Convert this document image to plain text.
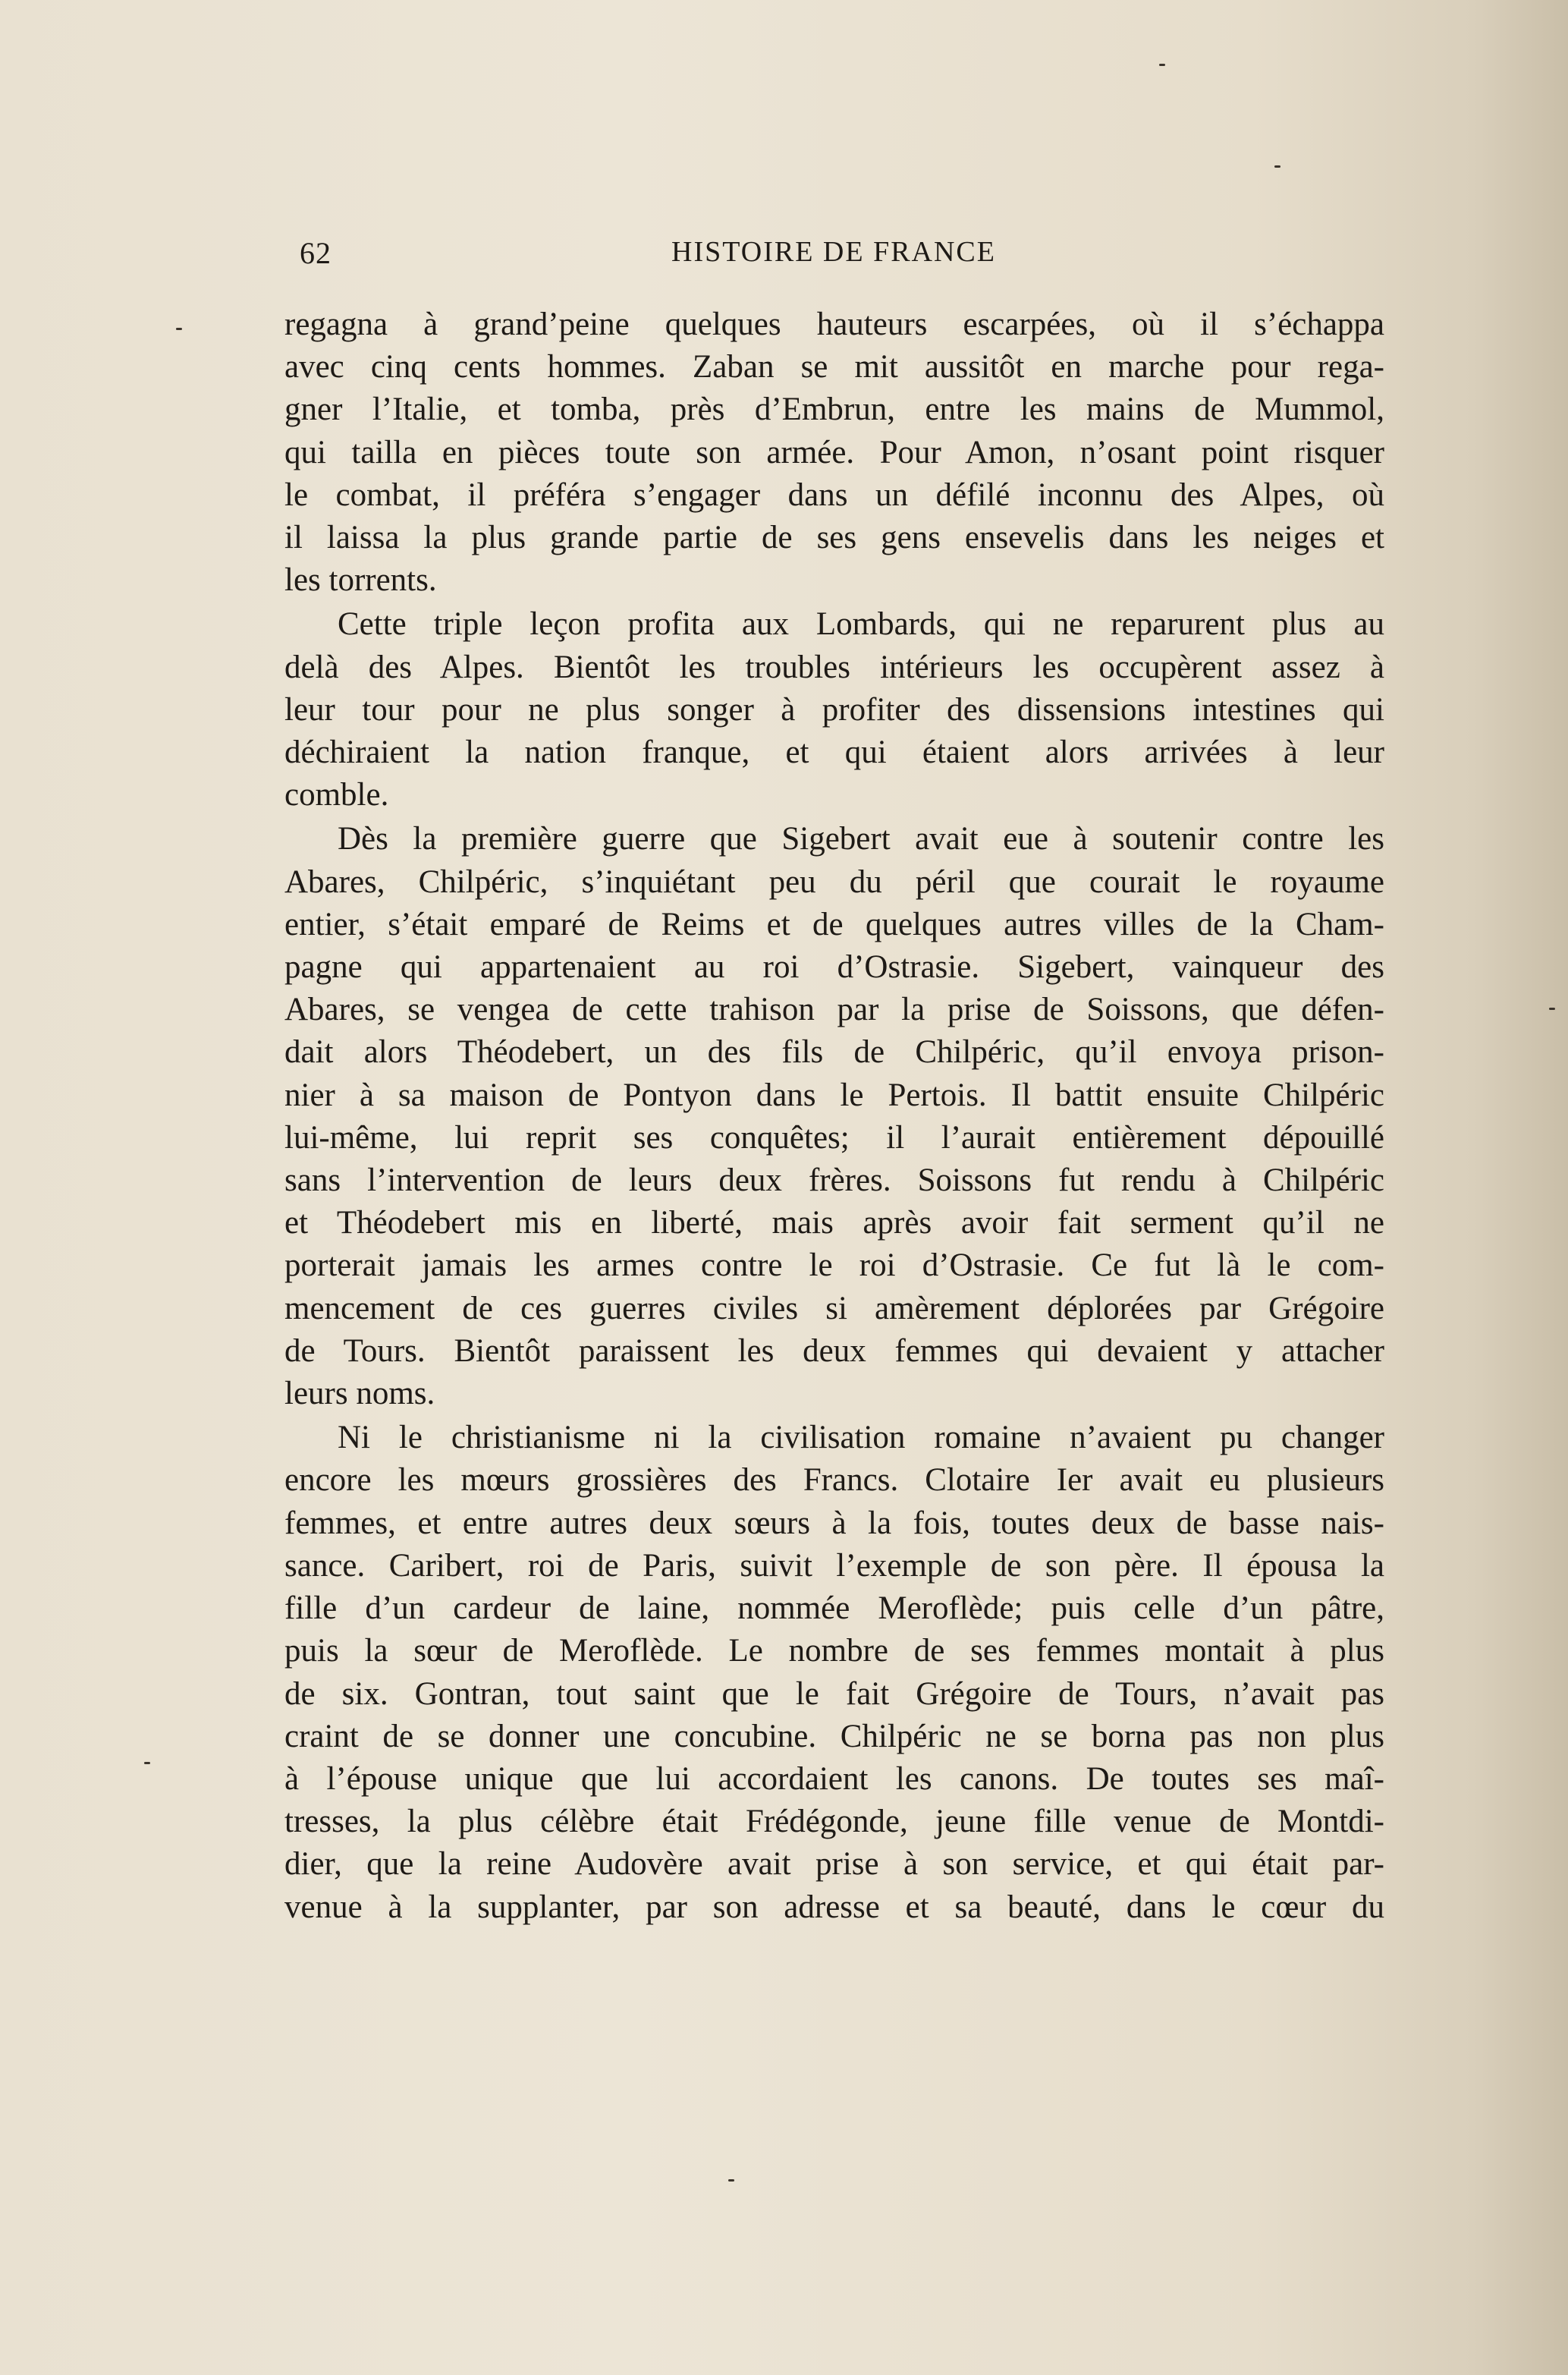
62	HISTOIRE DE FRANCE
regagna à grand’peine quelques hauteurs escarpées, où il s’échappa
avec cinq cents hommes. Zaban se mit aussitôt en marche pour rega-
gner l’Italie, et tomba, près d’Embrun, entre les mains de Mummol,
qui tailla en pièces toute son armée. Pour Amon, n’osant point risquer
le combat, il préféra s’engager dans un défilé inconnu des Alpes, où
il laissa la plus grande partie de ses gens ensevelis dans les neiges et
les torrents.
Cette triple leçon profita aux Lombards, qui ne reparurent plus au
delà des Alpes. Bientôt les troubles intérieurs les occupèrent assez à
leur tour pour ne plus songer à profiter des dissensions intestines qui
déchiraient la nation franque, et qui étaient alors arrivées à leur
comble.
Dès la première guerre que Sigebert avait eue à soutenir contre les
Abares, Chilpéric, s’inquiétant peu du péril que courait le royaume
entier, s’était emparé de Reims et de quelques autres villes de la Cham-
pagne qui appartenaient au roi d’Ostrasie. Sigebert, vainqueur des
Abares, se vengea de cette trahison par la prise de Soissons, que défen-
dait alors Théodebert, un des fils de Chilpéric, qu’il envoya prison-
nier à sa maison de Pontyon dans le Pertois. Il battit ensuite Chilpéric
lui-même, lui reprit ses conquêtes; il l’aurait entièrement dépouillé
sans l’intervention de leurs deux frères. Soissons fut rendu à Chilpéric
et Théodebert mis en liberté, mais après avoir fait serment qu’il ne
porterait jamais les armes contre le roi d’Ostrasie. Ce fut là le com-
mencement de ces guerres civiles si amèrement déplorées par Grégoire
de Tours. Bientôt paraissent les deux femmes qui devaient y attacher
leurs noms.
Ni le christianisme ni la civilisation romaine n’avaient pu changer
encore les mœurs grossières des Francs. Clotaire Ier avait eu plusieurs
femmes, et entre autres deux sœurs à la fois, toutes deux de basse nais-
sance. Caribert, roi de Paris, suivit l’exemple de son père. Il épousa la
fille d’un cardeur de laine, nommée Meroflède; puis celle d’un pâtre,
puis la sœur de Meroflède. Le nombre de ses femmes montait à plus
de six. Gontran, tout saint que le fait Grégoire de Tours, n’avait pas
craint de se donner une concubine. Chilpéric ne se borna pas non plus
à l’épouse unique que lui accordaient les canons. De toutes ses maî-
tresses, la plus célèbre était Frédégonde, jeune fille venue de Montdi-
dier, que la reine Audovère avait prise à son service, et qui était par-
venue à la supplanter, par son adresse et sa beauté, dans le cœur du
